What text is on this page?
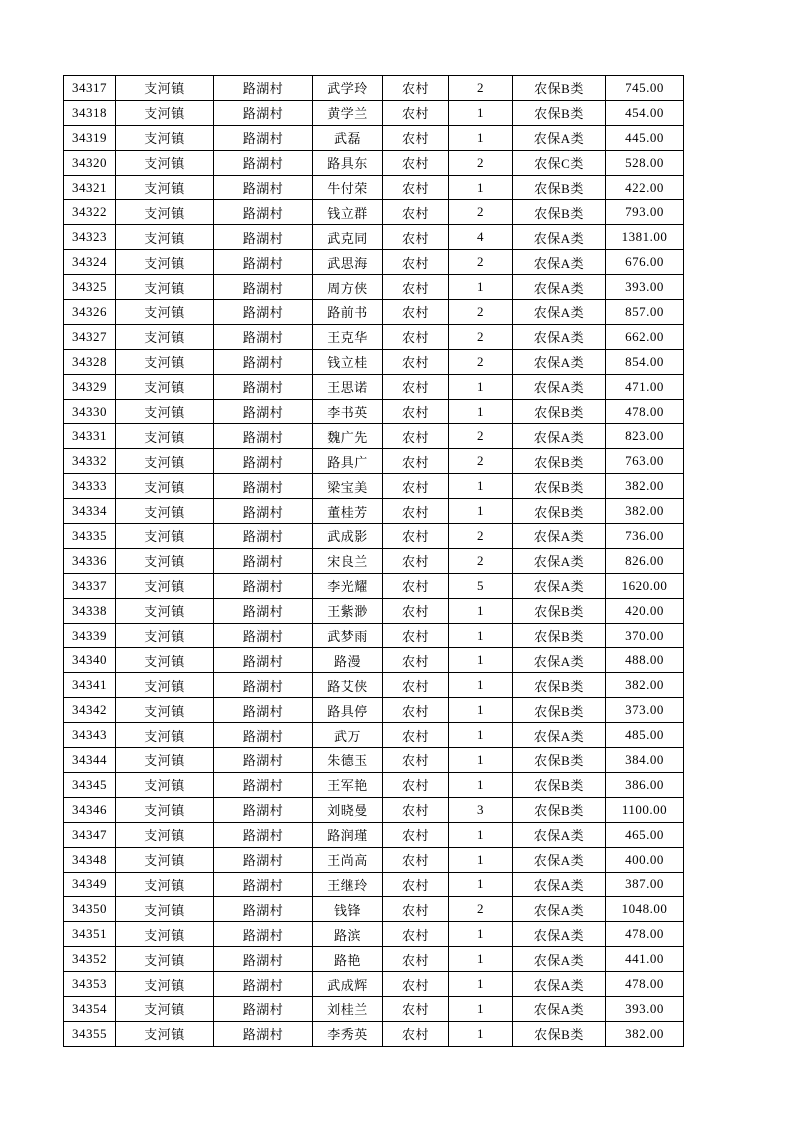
34317	支河镇	路湖村	武学玲	农村	2	农保B类	745.00
34318	支河镇	路湖村	黄学兰	农村	1	农保B类	454.00
34319	支河镇	路湖村	武磊	农村	1	农保A类	445.00
34320	支河镇	路湖村	路具东	农村	2	农保C类	528.00
34321	支河镇	路湖村	牛付荣	农村	1	农保B类	422.00
34322	支河镇	路湖村	钱立群	农村	2	农保B类	793.00
34323	支河镇	路湖村	武克同	农村	4	农保A类	1381.00
34324	支河镇	路湖村	武思海	农村	2	农保A类	676.00
34325	支河镇	路湖村	周方侠	农村	1	农保A类	393.00
34326	支河镇	路湖村	路前书	农村	2	农保A类	857.00
34327	支河镇	路湖村	王克华	农村	2	农保A类	662.00
34328	支河镇	路湖村	钱立桂	农村	2	农保A类	854.00
34329	支河镇	路湖村	王思诺	农村	1	农保A类	471.00
34330	支河镇	路湖村	李书英	农村	1	农保B类	478.00
34331	支河镇	路湖村	魏广先	农村	2	农保A类	823.00
34332	支河镇	路湖村	路具广	农村	2	农保B类	763.00
34333	支河镇	路湖村	梁宝美	农村	1	农保B类	382.00
34334	支河镇	路湖村	董桂芳	农村	1	农保B类	382.00
34335	支河镇	路湖村	武成影	农村	2	农保A类	736.00
34336	支河镇	路湖村	宋良兰	农村	2	农保A类	826.00
34337	支河镇	路湖村	李光耀	农村	5	农保A类	1620.00
34338	支河镇	路湖村	王紫渺	农村	1	农保B类	420.00
34339	支河镇	路湖村	武梦雨	农村	1	农保B类	370.00
34340	支河镇	路湖村	路漫	农村	1	农保A类	488.00
34341	支河镇	路湖村	路艾侠	农村	1	农保B类	382.00
34342	支河镇	路湖村	路具停	农村	1	农保B类	373.00
34343	支河镇	路湖村	武万	农村	1	农保A类	485.00
34344	支河镇	路湖村	朱德玉	农村	1	农保B类	384.00
34345	支河镇	路湖村	王军艳	农村	1	农保B类	386.00
34346	支河镇	路湖村	刘晓曼	农村	3	农保B类	1100.00
34347	支河镇	路湖村	路润瑾	农村	1	农保A类	465.00
34348	支河镇	路湖村	王尚高	农村	1	农保A类	400.00
34349	支河镇	路湖村	王继玲	农村	1	农保A类	387.00
34350	支河镇	路湖村	钱锋	农村	2	农保A类	1048.00
34351	支河镇	路湖村	路滨	农村	1	农保A类	478.00
34352	支河镇	路湖村	路艳	农村	1	农保A类	441.00
34353	支河镇	路湖村	武成辉	农村	1	农保A类	478.00
34354	支河镇	路湖村	刘桂兰	农村	1	农保A类	393.00
34355	支河镇	路湖村	李秀英	农村	1	农保B类	382.00
